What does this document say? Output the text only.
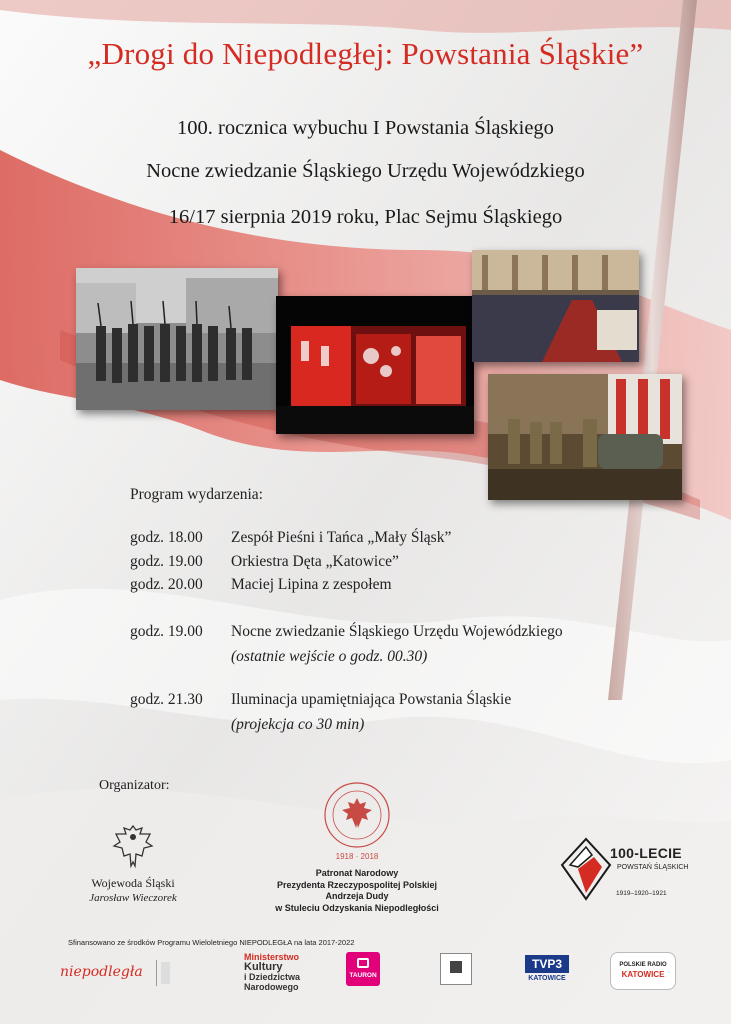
„Drogi do Niepodległej: Powstania Śląskie”
100. rocznica wybuchu I Powstania Śląskiego
Nocne zwiedzanie Śląskiego Urzędu Wojewódzkiego
16/17 sierpnia 2019 roku, Plac Sejmu Śląskiego
Program wydarzenia:
godz. 18.00 Zespół Pieśni i Tańca „Mały Śląsk”
godz. 19.00 Orkiestra Dęta „Katowice”
godz. 20.00 Maciej Lipina z zespołem
godz. 19.00 Nocne zwiedzanie Śląskiego Urzędu Wojewódzkiego
(ostatnie wejście o godz. 00.30)
godz. 21.30 Iluminacja upamiętniająca Powstania Śląskie
(projekcja co 30 min)
Organizator:
Wojewoda Śląski
Jarosław Wieczorek
1918 · 2018
Patronat Narodowy
Prezydenta Rzeczypospolitej Polskiej
Andrzeja Dudy
w Stuleciu Odzyskania Niepodległości
100-LECIE
POWSTAŃ ŚLĄSKICH
1919–1920–1921
Sfinansowano ze środków Programu Wieloletniego NIEPODLEGŁA na lata 2017-2022
niepodległa
Ministerstwo
Kultury
i Dziedzictwa
Narodowego
TAURON
TVP3
KATOWICE
POLSKIE RADIO
KATOWICE
